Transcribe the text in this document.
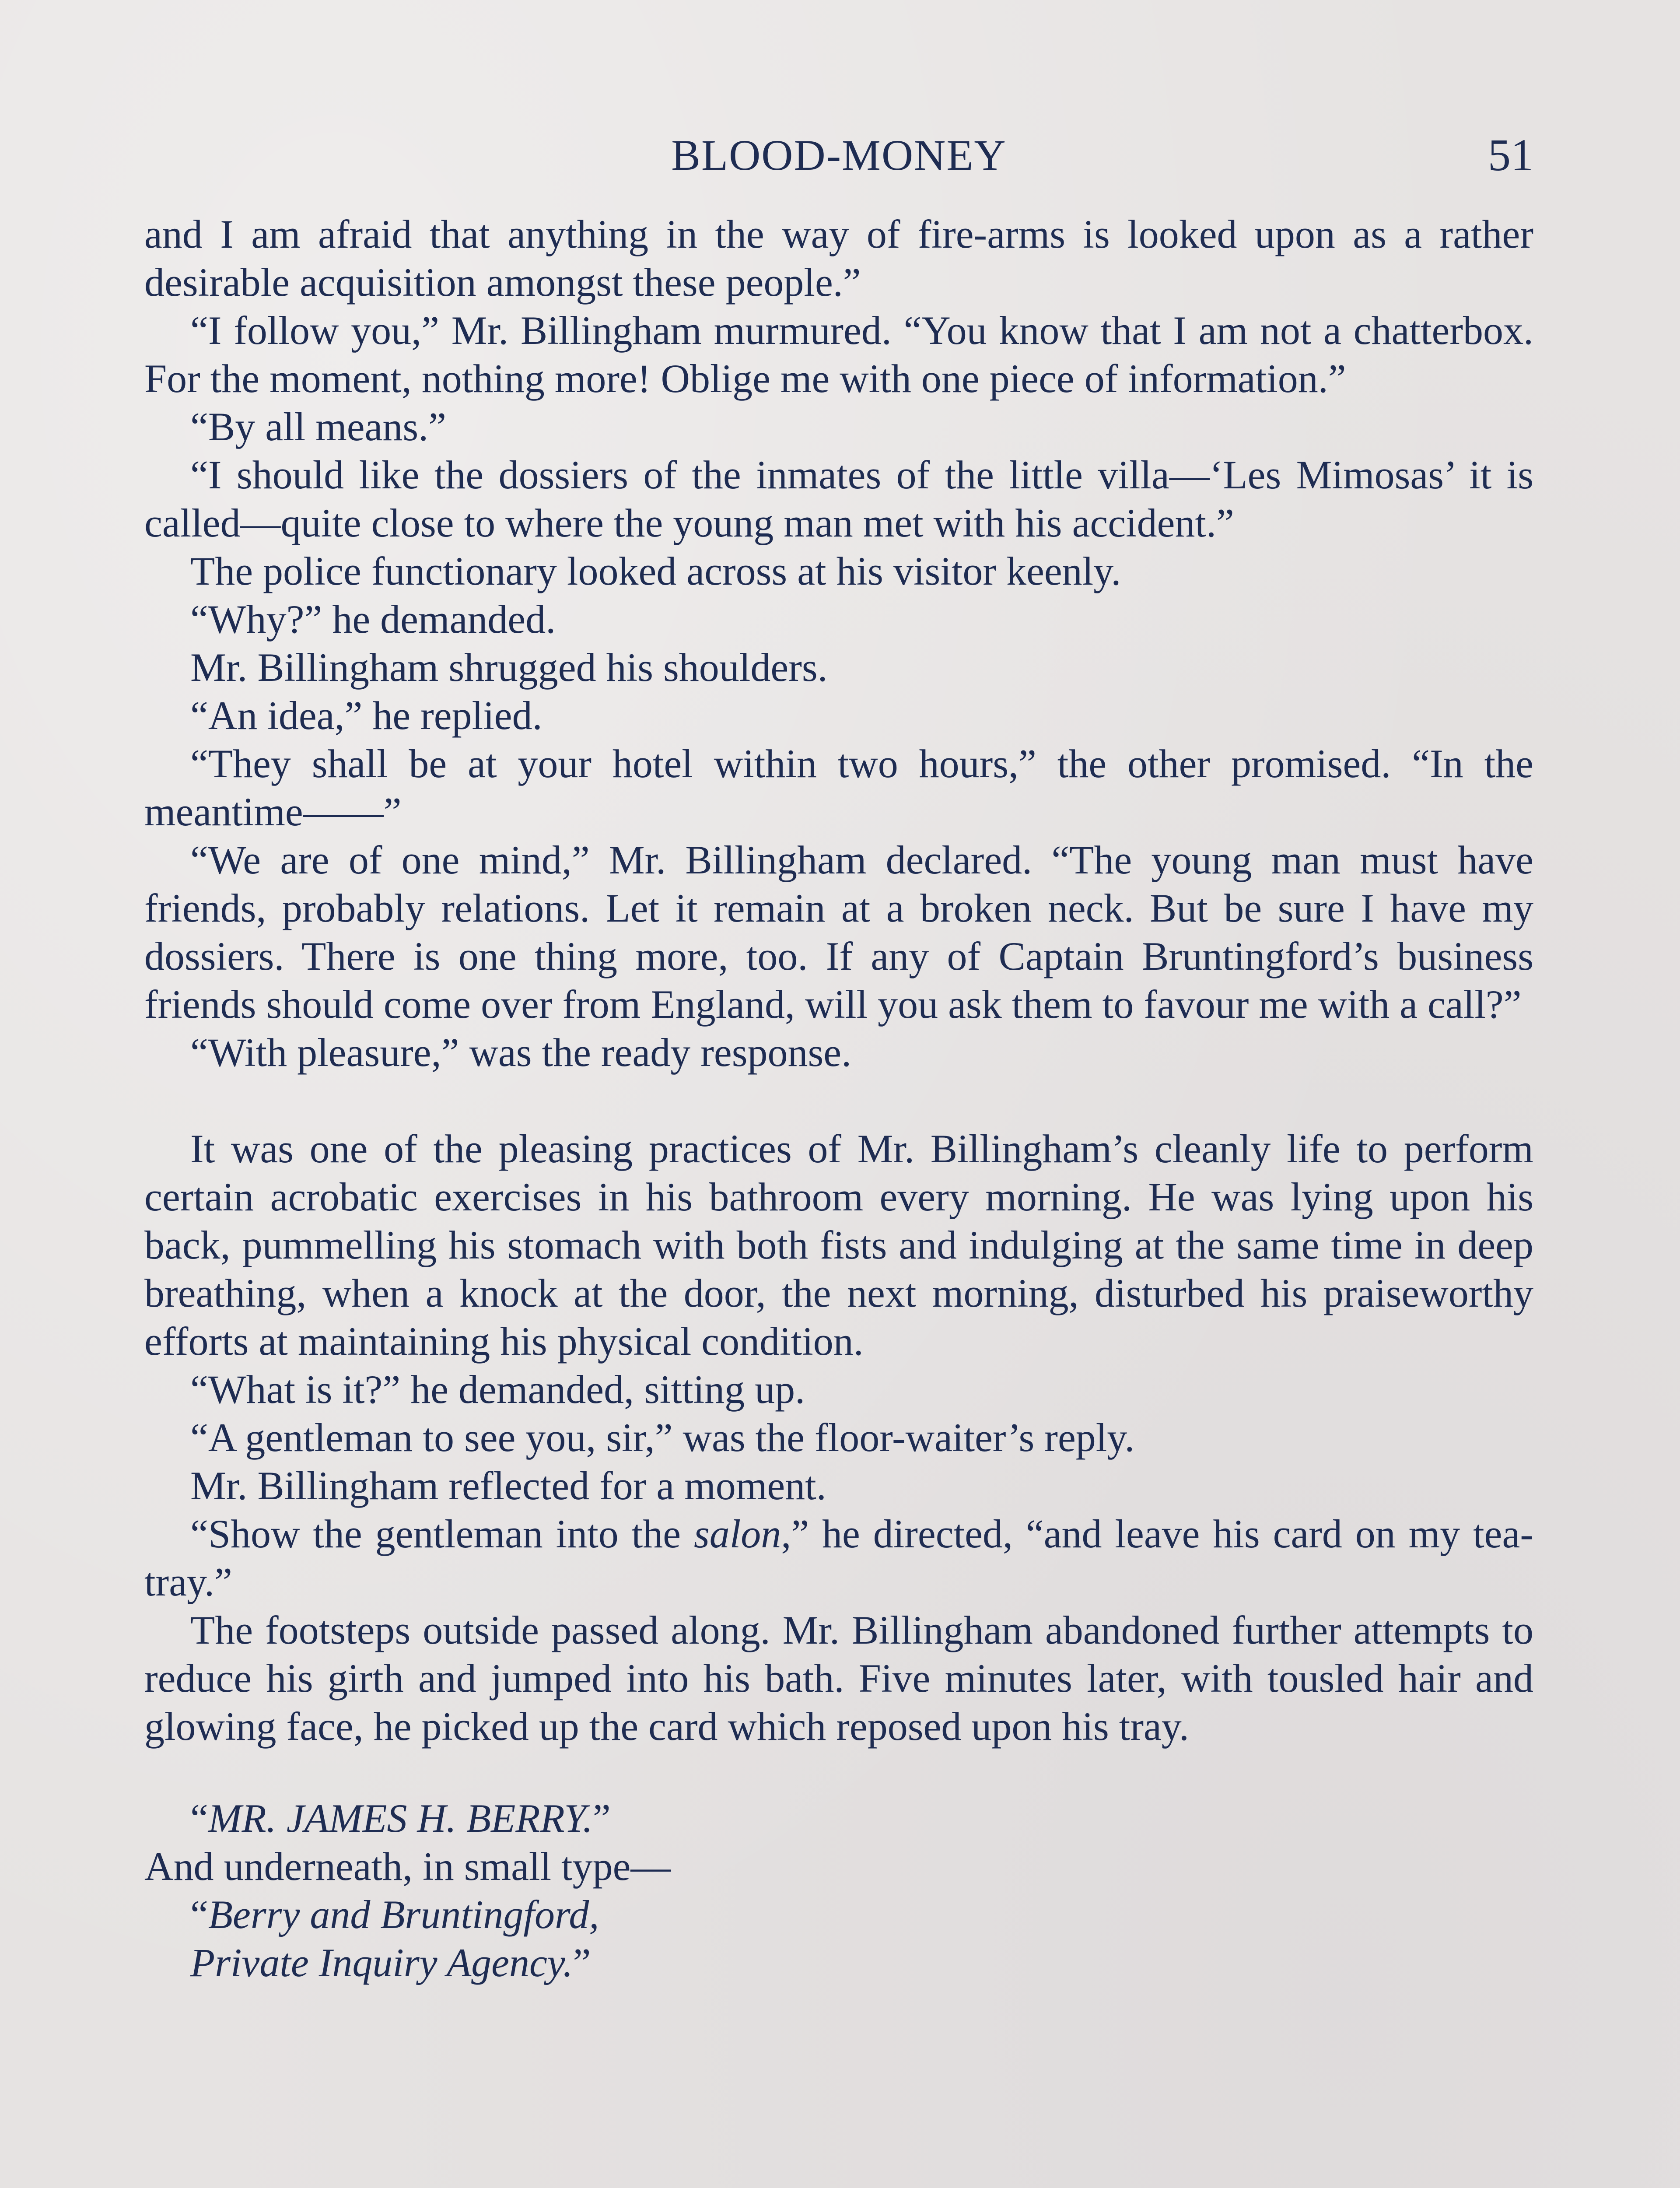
BLOOD-MONEY	51

and I am afraid that anything in the way of fire-arms is looked upon as a rather desirable acquisition amongst these people.”

“I follow you,” Mr. Billingham murmured. “You know that I am not a chatterbox. For the moment, nothing more! Oblige me with one piece of information.”

“By all means.”

“I should like the dossiers of the inmates of the little villa—‘Les Mimosas’ it is called—quite close to where the young man met with his accident.”

The police functionary looked across at his visitor keenly.

“Why?” he demanded.

Mr. Billingham shrugged his shoulders.

“An idea,” he replied.

“They shall be at your hotel within two hours,” the other promised. “In the meantime——”

“We are of one mind,” Mr. Billingham declared. “The young man must have friends, probably relations. Let it remain at a broken neck. But be sure I have my dossiers. There is one thing more, too. If any of Captain Bruntingford’s business friends should come over from England, will you ask them to favour me with a call?”

“With pleasure,” was the ready response.

It was one of the pleasing practices of Mr. Billingham’s cleanly life to perform certain acrobatic exercises in his bathroom every morning. He was lying upon his back, pummelling his stomach with both fists and indulging at the same time in deep breathing, when a knock at the door, the next morning, disturbed his praiseworthy efforts at maintaining his physical condition.

“What is it?” he demanded, sitting up.

“A gentleman to see you, sir,” was the floor-waiter’s reply.

Mr. Billingham reflected for a moment.

“Show the gentleman into the salon,” he directed, “and leave his card on my tea-tray.”

The footsteps outside passed along. Mr. Billingham abandoned further attempts to reduce his girth and jumped into his bath. Five minutes later, with tousled hair and glowing face, he picked up the card which reposed upon his tray.

“MR. JAMES H. BERRY.”

And underneath, in small type—

“Berry and Bruntingford,

Private Inquiry Agency.”
